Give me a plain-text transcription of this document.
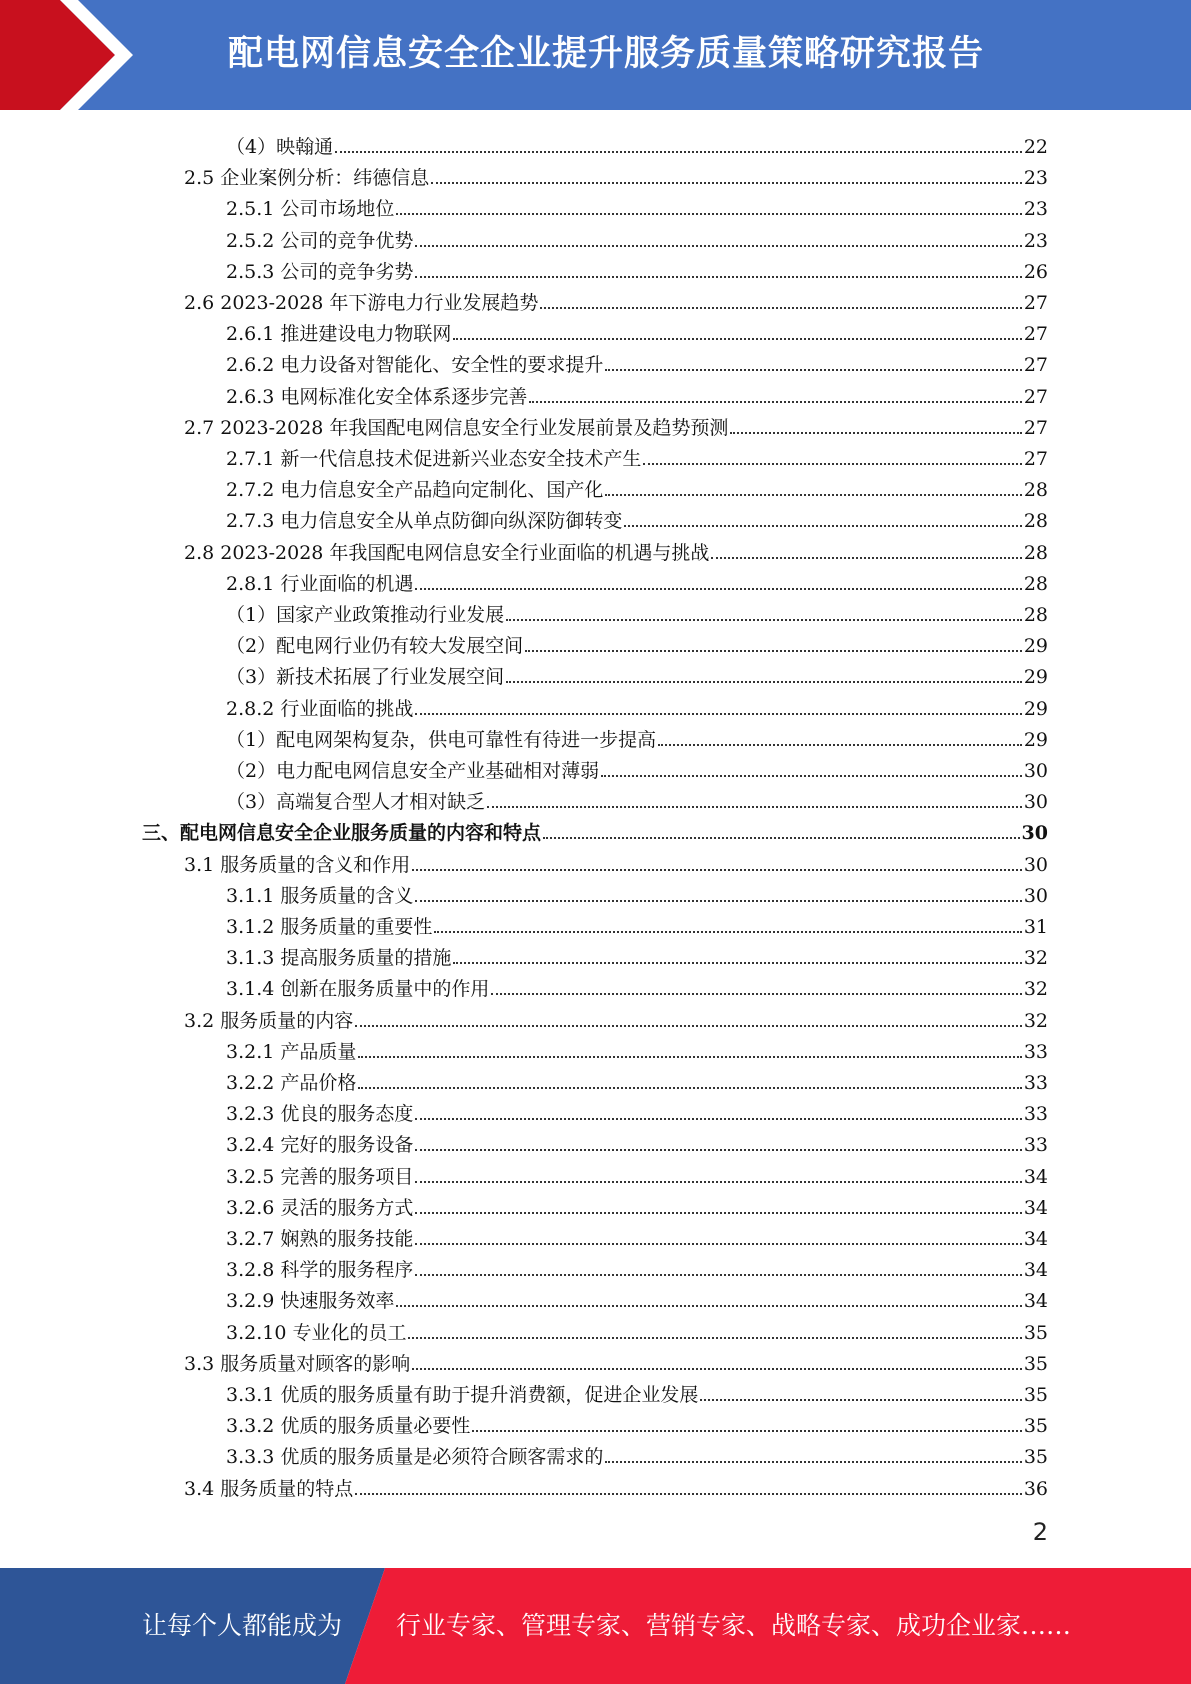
配电网信息安全企业提升服务质量策略研究报告
（4）映翰通	22
2.5 企业案例分析：纬德信息	23
2.5.1 公司市场地位	23
2.5.2 公司的竞争优势	23
2.5.3 公司的竞争劣势	26
2.6 2023-2028 年下游电力行业发展趋势	27
2.6.1 推进建设电力物联网	27
2.6.2 电力设备对智能化、安全性的要求提升	27
2.6.3 电网标准化安全体系逐步完善	27
2.7 2023-2028 年我国配电网信息安全行业发展前景及趋势预测	27
2.7.1 新一代信息技术促进新兴业态安全技术产生	27
2.7.2 电力信息安全产品趋向定制化、国产化	28
2.7.3 电力信息安全从单点防御向纵深防御转变	28
2.8 2023-2028 年我国配电网信息安全行业面临的机遇与挑战	28
2.8.1 行业面临的机遇	28
（1）国家产业政策推动行业发展	28
（2）配电网行业仍有较大发展空间	29
（3）新技术拓展了行业发展空间	29
2.8.2 行业面临的挑战	29
（1）配电网架构复杂，供电可靠性有待进一步提高	29
（2）电力配电网信息安全产业基础相对薄弱	30
（3）高端复合型人才相对缺乏	30
三、配电网信息安全企业服务质量的内容和特点	30
3.1 服务质量的含义和作用	30
3.1.1 服务质量的含义	30
3.1.2 服务质量的重要性	31
3.1.3 提高服务质量的措施	32
3.1.4 创新在服务质量中的作用	32
3.2 服务质量的内容	32
3.2.1 产品质量	33
3.2.2 产品价格	33
3.2.3 优良的服务态度	33
3.2.4 完好的服务设备	33
3.2.5 完善的服务项目	34
3.2.6 灵活的服务方式	34
3.2.7 娴熟的服务技能	34
3.2.8 科学的服务程序	34
3.2.9 快速服务效率	34
3.2.10 专业化的员工	35
3.3 服务质量对顾客的影响	35
3.3.1 优质的服务质量有助于提升消费额，促进企业发展	35
3.3.2 优质的服务质量必要性	35
3.3.3 优质的服务质量是必须符合顾客需求的	35
3.4 服务质量的特点	36
2
让每个人都能成为 行业专家、管理专家、营销专家、战略专家、成功企业家……
